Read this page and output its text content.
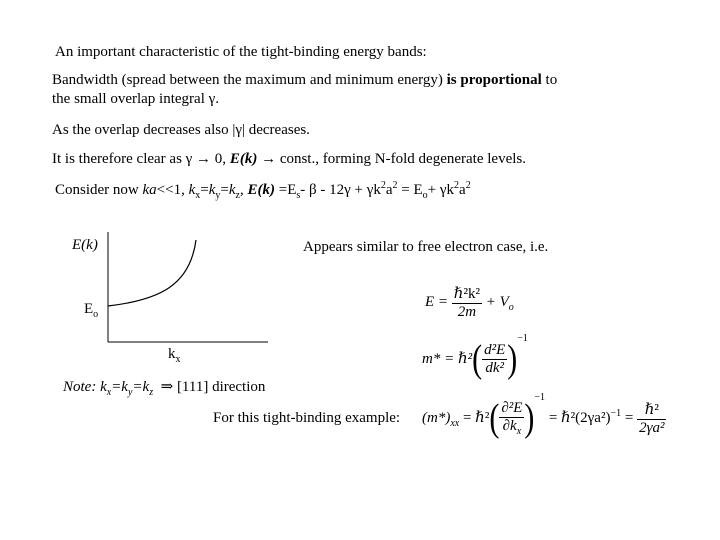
An important characteristic of the tight-binding energy bands:
Bandwidth (spread between the maximum and minimum energy) is proportional to
the small overlap integral γ.
As the overlap decreases also |γ| decreases.
It is therefore clear as γ → 0, E(k) → const., forming N-fold degenerate levels.
Consider now ka<<1, $k_x=k_y=k_z$, $E(k) =E_s-$ $\beta - 12\gamma + \gamma k^2a^2 = E_o+ \gamma k^2a^2$
E(k)
$E_o$
$k_x$
Appears similar to free electron case, i.e.
$E = \frac{\text{ℏ²k²}}{2m} + V_o$
m* = ℏ²( $\frac{\text{d²E}}{\text{dk²}} )^{-1}$
Note: $k_x=k_y=k_z$ ⇒ [111] direction
For this tight-binding example: $(m*)_{xx}$ = ℏ²( $\frac{\text{∂²E}}{\partial k_x} )^{-1}$ = $\hbar^2(2\gamma a^2)^{-1} = \frac{\text{ℏ²}}{\text{2γa²}}$
